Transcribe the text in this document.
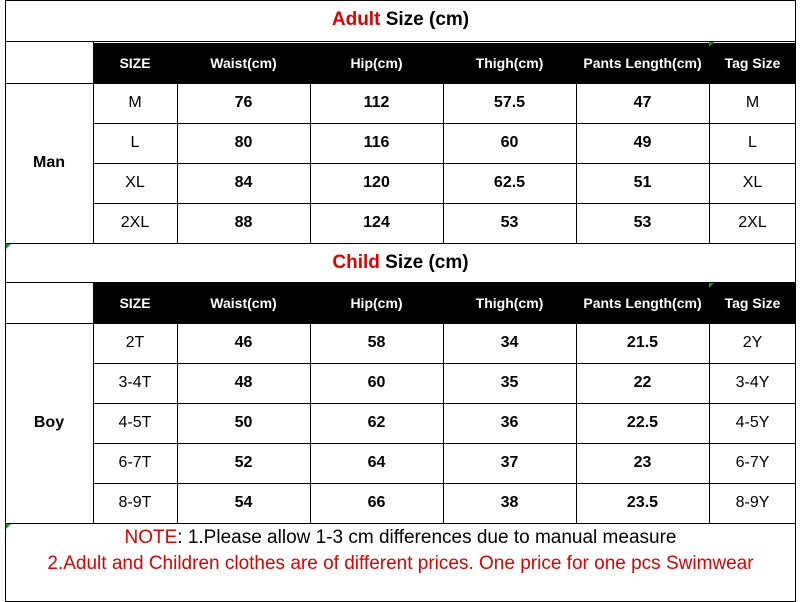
Adult
Size (cm)
SIZE	Waist(cm)	Hip(cm)	Thigh(cm)	Pants Length(cm)	Tag Size
Man
M	76	112	57.5	47	M
L	80	116	60	49	L
XL	84	120	62.5	51	XL
2XL	88	124	53	53	2XL
Child
Size (cm)
SIZE	Waist(cm)	Hip(cm)	Thigh(cm)	Pants Length(cm)	Tag Size
Boy
2T	46	58	34	21.5	2Y
3-4T	48	60	35	22	3-4Y
4-5T	50	62	36	22.5	4-5Y
6-7T	52	64	37	23	6-7Y
8-9T	54	66	38	23.5	8-9Y
NOTE: 1.Please allow 1-3 cm differences due to manual measure
2.Adult and Children clothes are of different prices. One price for one pcs Swimwear
